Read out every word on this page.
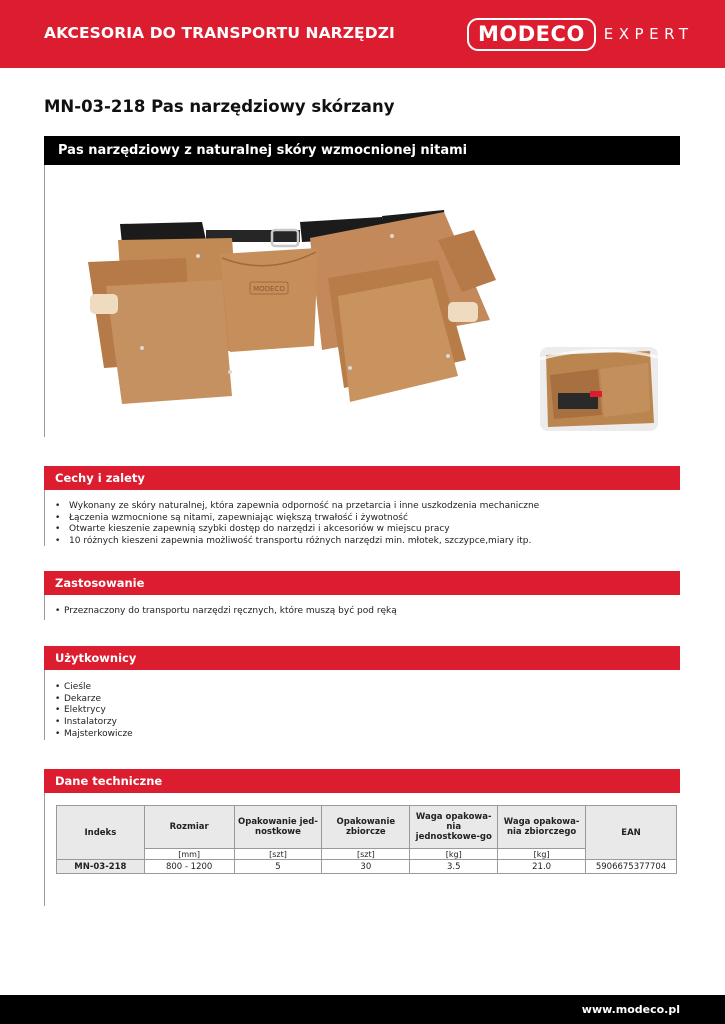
AKCESORIA DO TRANSPORTU NARZĘDZI	MODECO	EXPERT
MN-03-218 Pas narzędziowy skórzany
Pas narzędziowy z naturalnej skóry wzmocnionej nitami
MODECO
Cechy i zalety
• Wykonany ze skóry naturalnej, która zapewnia odporność na przetarcia i inne uszkodzenia mechaniczne
• Łączenia wzmocnione są nitami, zapewniając większą trwałość i żywotność
• Otwarte kieszenie zapewnią szybki dostęp do narzędzi i akcesoriów w miejscu pracy
• 10 różnych kieszeni zapewnia możliwość transportu różnych narzędzi min. młotek, szczypce,miary itp.
Zastosowanie
• Przeznaczony do transportu narzędzi ręcznych, które muszą być pod ręką
Użytkownicy
• Cieśle
• Dekarze
• Elektrycy
• Instalatorzy
• Majsterkowicze
Dane techniczne
Indeks	Rozmiar	Opakowanie jed-nostkowe	Opakowanie zbiorcze	Waga opakowa-nia jednostkowe-go	Waga opakowa-nia zbiorczego	EAN
	[mm]	[szt]	[szt]	[kg]	[kg]	
MN-03-218	800 - 1200	5	30	3.5	21.0	5906675377704
www.modeco.pl
